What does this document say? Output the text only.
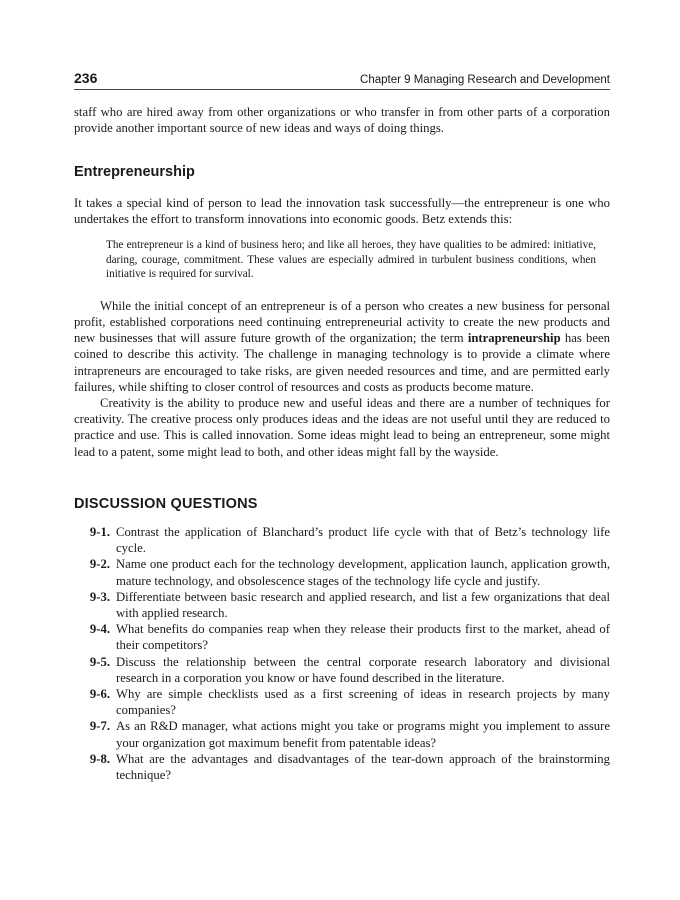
236	Chapter 9 Managing Research and Development

staff who are hired away from other organizations or who transfer in from other parts of a corporation provide another important source of new ideas and ways of doing things.

Entrepreneurship

It takes a special kind of person to lead the innovation task successfully—the entrepreneur is one who undertakes the effort to transform innovations into economic goods. Betz extends this:

The entrepreneur is a kind of business hero; and like all heroes, they have qualities to be admired: initiative, daring, courage, commitment. These values are especially admired in turbulent business conditions, when initiative is required for survival.

While the initial concept of an entrepreneur is of a person who creates a new business for personal profit, established corporations need continuing entrepreneurial activity to create the new products and new businesses that will assure future growth of the organization; the term intrapreneurship has been coined to describe this activity. The challenge in managing technology is to provide a climate where intrapreneurs are encouraged to take risks, are given needed resources and time, and are permitted early failures, while shifting to closer control of resources and costs as products become mature.

Creativity is the ability to produce new and useful ideas and there are a number of techniques for creativity. The creative process only produces ideas and the ideas are not useful until they are reduced to practice and use. This is called innovation. Some ideas might lead to being an entrepreneur, some might lead to a patent, some might lead to both, and other ideas might fall by the wayside.

DISCUSSION QUESTIONS
9-1. Contrast the application of Blanchard’s product life cycle with that of Betz’s technology life cycle.
9-2. Name one product each for the technology development, application launch, application growth, mature technology, and obsolescence stages of the technology life cycle and justify.
9-3. Differentiate between basic research and applied research, and list a few organizations that deal with applied research.
9-4. What benefits do companies reap when they release their products first to the market, ahead of their competitors?
9-5. Discuss the relationship between the central corporate research laboratory and divisional research in a corporation you know or have found described in the literature.
9-6. Why are simple checklists used as a first screening of ideas in research projects by many companies?
9-7. As an R&D manager, what actions might you take or programs might you implement to assure your organization got maximum benefit from patentable ideas?
9-8. What are the advantages and disadvantages of the tear-down approach of the brainstorming technique?
